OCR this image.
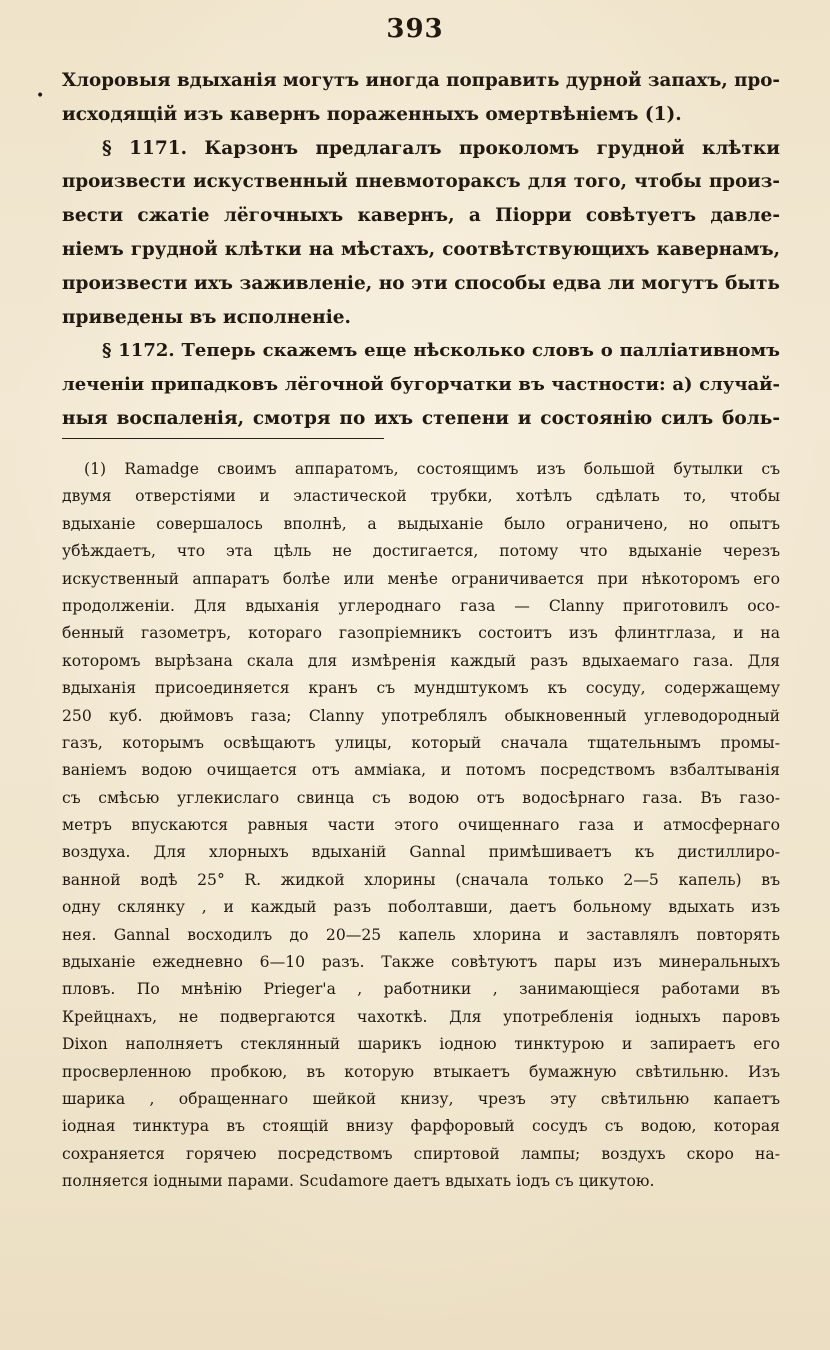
393
•
Хлоровыя вдыханія могутъ иногда поправить дурной запахъ, про-
исходящій изъ кавернъ пораженныхъ омертвѣніемъ (1).
§ 1171. Карзонъ предлагалъ проколомъ грудной клѣтки
произвести искуственный пневмотораксъ для того, чтобы произ-
вести сжатіе лёгочныхъ кавернъ, а Піорри совѣтуетъ давле-
ніемъ грудной клѣтки на мѣстахъ, соотвѣтствующихъ кавернамъ,
произвести ихъ заживленіе, но эти способы едва ли могутъ быть
приведены въ исполненіе.
§ 1172. Теперь скажемъ еще нѣсколько словъ о палліативномъ
леченіи припадковъ лёгочной бугорчатки въ частности: а) случай-
ныя воспаленія, смотря по ихъ степени и состоянію силъ боль-
(1) Ramadge своимъ аппаратомъ, состоящимъ изъ большой бутылки съ
двумя отверстіями и эластической трубки, хотѣлъ сдѣлать то, чтобы
вдыханіе совершалось вполнѣ, а выдыханіе было ограничено, но опытъ
убѣждаетъ, что эта цѣль не достигается, потому что вдыханіе черезъ
искуственный аппаратъ болѣе или менѣе ограничивается при нѣкоторомъ его
продолженіи. Для вдыханія углероднаго газа — Clanny приготовилъ осо-
бенный газометръ, котораго газопріемникъ состоитъ изъ флинтглаза, и на
которомъ вырѣзана скала для измѣренія каждый разъ вдыхаемаго газа. Для
вдыханія присоединяется кранъ съ мундштукомъ къ сосуду, содержащему
250 куб. дюймовъ газа; Clanny употреблялъ обыкновенный углеводородный
газъ, которымъ освѣщаютъ улицы, который сначала тщательнымъ промы-
ваніемъ водою очищается отъ амміака, и потомъ посредствомъ взбалтыванія
съ смѣсью углекислаго свинца съ водою отъ водосѣрнаго газа. Въ газо-
метръ впускаются равныя части этого очищеннаго газа и атмосфернаго
воздуха. Для хлорныхъ вдыханій Gannal примѣшиваетъ къ дистиллиро-
ванной водѣ 25° R. жидкой хлорины (сначала только 2—5 капель) въ
одну склянку , и каждый разъ поболтавши, даетъ больному вдыхать изъ
нея. Gannal восходилъ до 20—25 капель хлорина и заставлялъ повторять
вдыханіе ежедневно 6—10 разъ. Также совѣтуютъ пары изъ минеральныхъ
пловъ. По мнѣнію Prieger'a , работники , занимающіеся работами въ
Крейцнахъ, не подвергаются чахоткѣ. Для употребленія іодныхъ паровъ
Dixon наполняетъ стеклянный шарикъ іодною тинктурою и запираетъ его
просверленною пробкою, въ которую втыкаетъ бумажную свѣтильню. Изъ
шарика , обращеннаго шейкой книзу, чрезъ эту свѣтильню капаетъ
іодная тинктура въ стоящій внизу фарфоровый сосудъ съ водою, которая
сохраняется горячею посредствомъ спиртовой лампы; воздухъ скоро на-
полняется іодными парами. Scudamore даетъ вдыхать іодъ съ цикутою.
